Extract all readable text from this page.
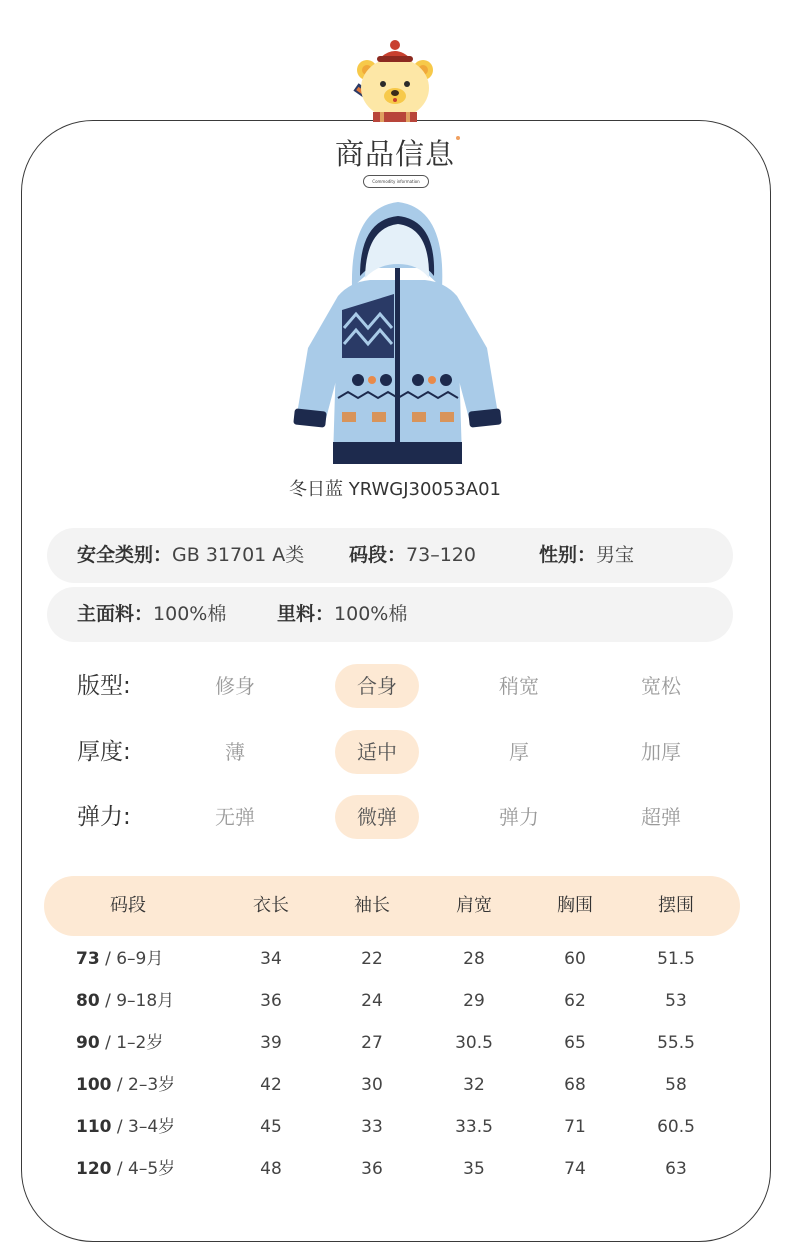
商品信息
Commodity information
冬日蓝 YRWGJ30053A01
安全类别：GB 31701 A类 码段：73–120	性别：男宝
主面料：100%棉	里料：100%棉
版型:	修身	合身	稍宽	宽松
厚度:	薄	适中	厚	加厚
弹力:	无弹	微弹	弹力	超弹
码段	衣长	袖长	肩宽	胸围	摆围
73 / 6–9月	34	22	28	60	51.5
80 / 9–18月	36	24	29	62	53
90 / 1–2岁	39	27	30.5	65	55.5
100 / 2–3岁	42	30	32	68	58
110 / 3–4岁	45	33	33.5	71	60.5
120 / 4–5岁	48	36	35	74	63
